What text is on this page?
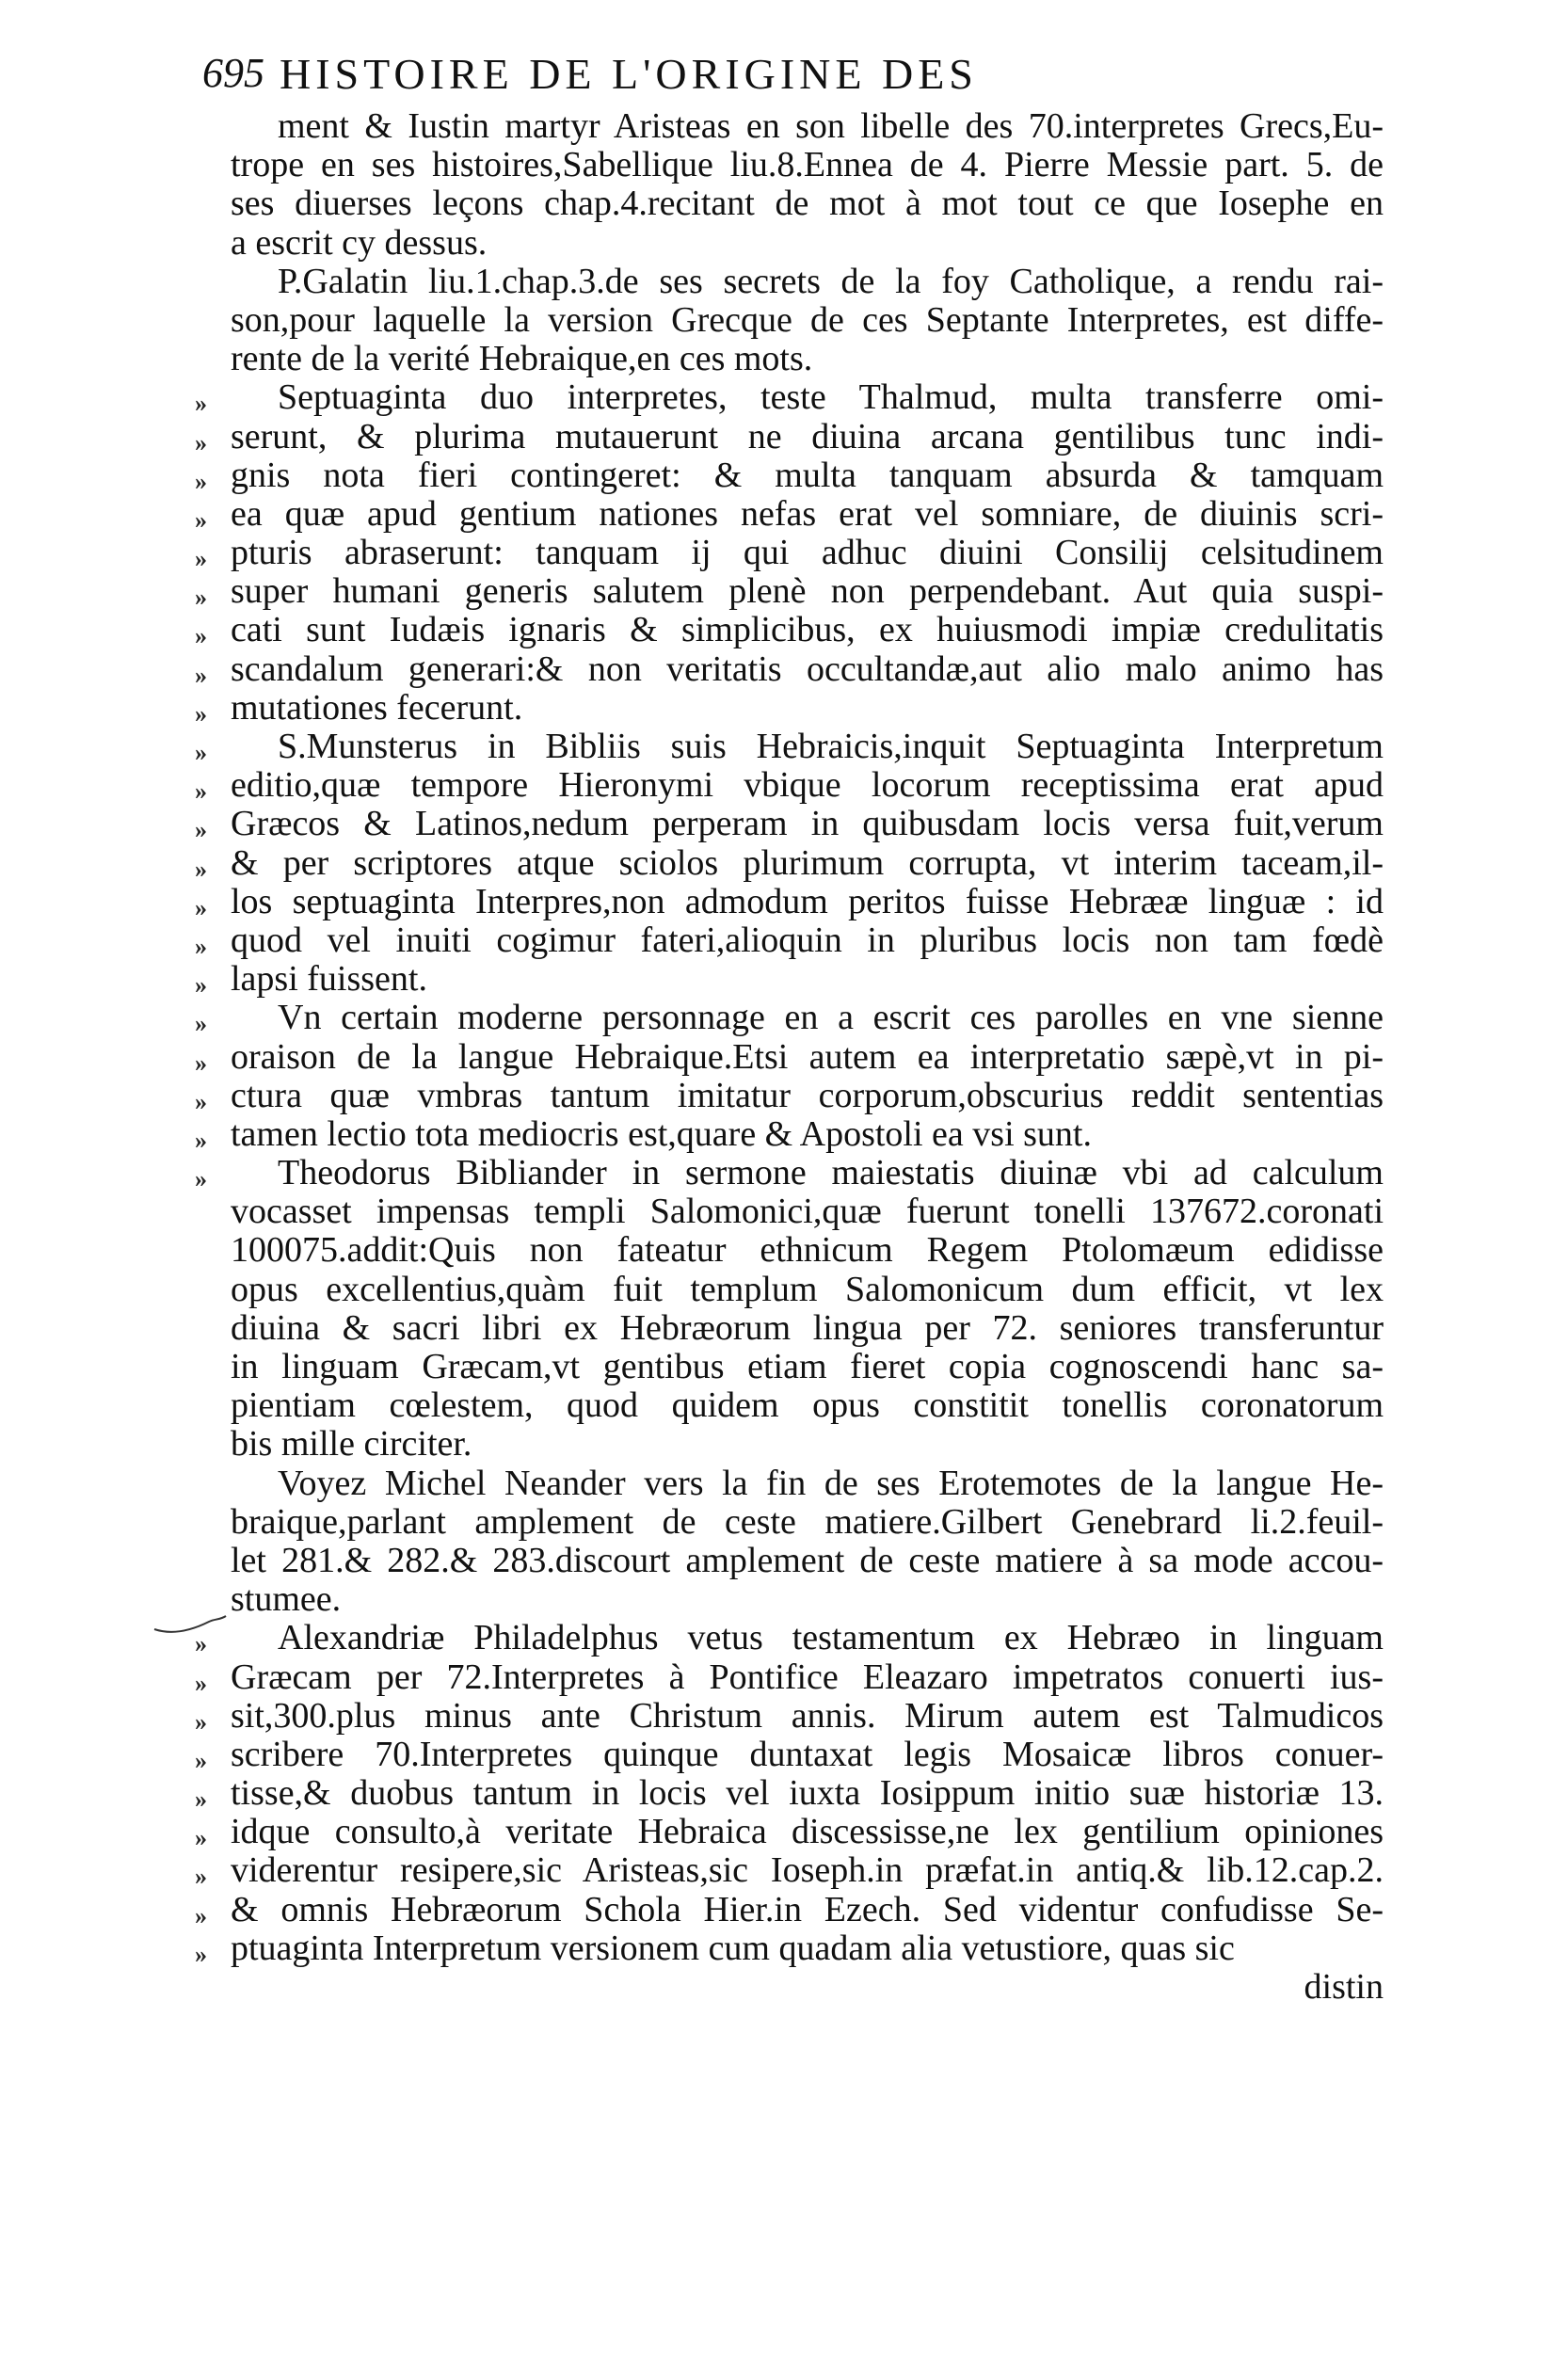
695 HISTOIRE DE L'ORIGINE DES
ment & Iustin martyr Aristeas en son libelle des 70.interpretes Grecs,Eu-
trope en ses histoires,Sabellique liu.8.Ennea de 4. Pierre Messie part. 5. de
ses diuerses leçons chap.4.recitant de mot à mot tout ce que Iosephe en
a escrit cy dessus.
P.Galatin liu.1.chap.3.de ses secrets de la foy Catholique, a rendu rai-
son,pour laquelle la version Grecque de ces Septante Interpretes, est diffe-
rente de la verité Hebraique,en ces mots.
Septuaginta duo interpretes, teste Thalmud, multa transferre omi-
»
serunt, & plurima mutauerunt ne diuina arcana gentilibus tunc indi-
»
gnis nota fieri contingeret: & multa tanquam absurda & tamquam
»
ea quæ apud gentium nationes nefas erat vel somniare, de diuinis scri-
»
pturis abraserunt: tanquam ij qui adhuc diuini Consilij celsitudinem
»
super humani generis salutem plenè non perpendebant. Aut quia suspi-
»
cati sunt Iudæis ignaris & simplicibus, ex huiusmodi impiæ credulitatis
»
scandalum generari:& non veritatis occultandæ,aut alio malo animo has
»
mutationes fecerunt.
»
S.Munsterus in Bibliis suis Hebraicis,inquit Septuaginta Interpretum
»
editio,quæ tempore Hieronymi vbique locorum receptissima erat apud
»
Græcos & Latinos,nedum perperam in quibusdam locis versa fuit,verum
»
& per scriptores atque sciolos plurimum corrupta, vt interim taceam,il-
»
los septuaginta Interpres,non admodum peritos fuisse Hebrææ linguæ : id
»
quod vel inuiti cogimur fateri,alioquin in pluribus locis non tam fœdè
»
lapsi fuissent.
»
Vn certain moderne personnage en a escrit ces parolles en vne sienne
»
oraison de la langue Hebraique.Etsi autem ea interpretatio sæpè,vt in pi-
»
ctura quæ vmbras tantum imitatur corporum,obscurius reddit sententias
»
tamen lectio tota mediocris est,quare & Apostoli ea vsi sunt.
»
Theodorus Bibliander in sermone maiestatis diuinæ vbi ad calculum
»
vocasset impensas templi Salomonici,quæ fuerunt tonelli 137672.coronati
100075.addit:Quis non fateatur ethnicum Regem Ptolomæum edidisse
opus excellentius,quàm fuit templum Salomonicum dum efficit, vt lex
diuina & sacri libri ex Hebræorum lingua per 72. seniores transferuntur
in linguam Græcam,vt gentibus etiam fieret copia cognoscendi hanc sa-
pientiam cœlestem, quod quidem opus constitit tonellis coronatorum
bis mille circiter.
Voyez Michel Neander vers la fin de ses Erotemotes de la langue He-
braique,parlant amplement de ceste matiere.Gilbert Genebrard li.2.feuil-
let 281.& 282.& 283.discourt amplement de ceste matiere à sa mode accou-
stumee.
Alexandriæ Philadelphus vetus testamentum ex Hebræo in linguam
»
Græcam per 72.Interpretes à Pontifice Eleazaro impetratos conuerti ius-
»
sit,300.plus minus ante Christum annis. Mirum autem est Talmudicos
»
scribere 70.Interpretes quinque duntaxat legis Mosaicæ libros conuer-
»
tisse,& duobus tantum in locis vel iuxta Iosippum initio suæ historiæ 13.
»
idque consulto,à veritate Hebraica discessisse,ne lex gentilium opiniones
»
viderentur resipere,sic Aristeas,sic Ioseph.in præfat.in antiq.& lib.12.cap.2.
»
& omnis Hebræorum Schola Hier.in Ezech. Sed videntur confudisse Se-
»
ptuaginta Interpretum versionem cum quadam alia vetustiore, quas sic
»
distin
